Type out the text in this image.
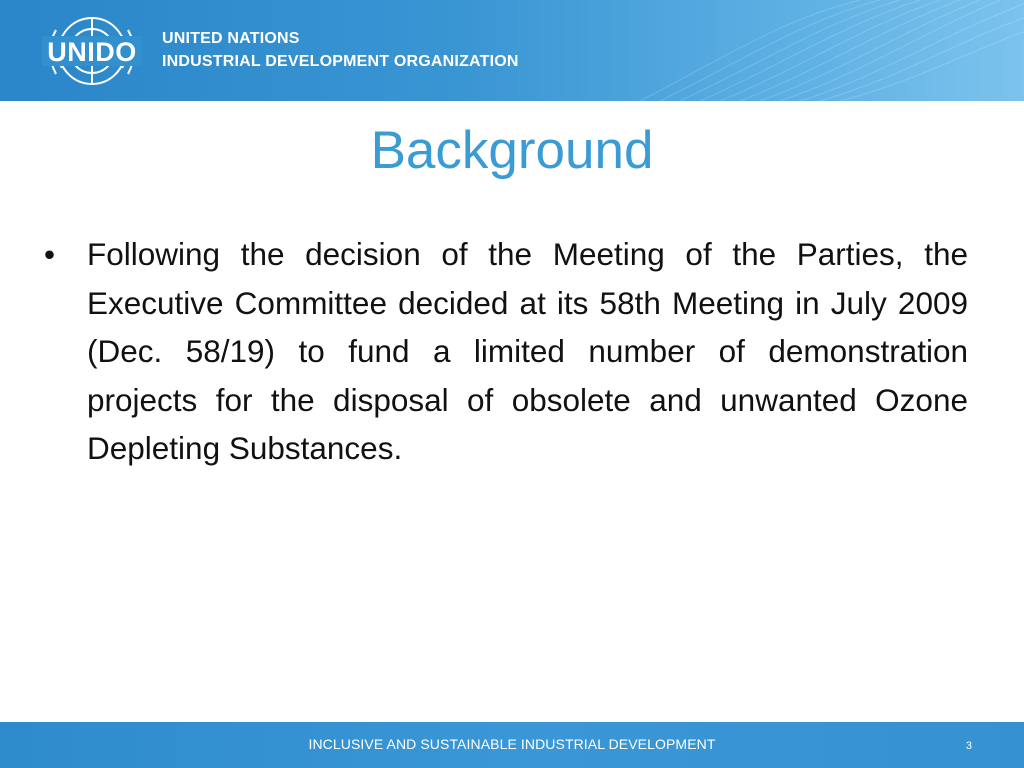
UNIDO UNITED NATIONS
INDUSTRIAL DEVELOPMENT ORGANIZATION
Background
• Following the decision of the Meeting of the Parties, the Executive Committee decided at its 58th Meeting in July 2009 (Dec. 58/19) to fund a limited number of demonstration projects for the disposal of obsolete and unwanted Ozone Depleting Substances.
INCLUSIVE AND SUSTAINABLE INDUSTRIAL DEVELOPMENT	3
